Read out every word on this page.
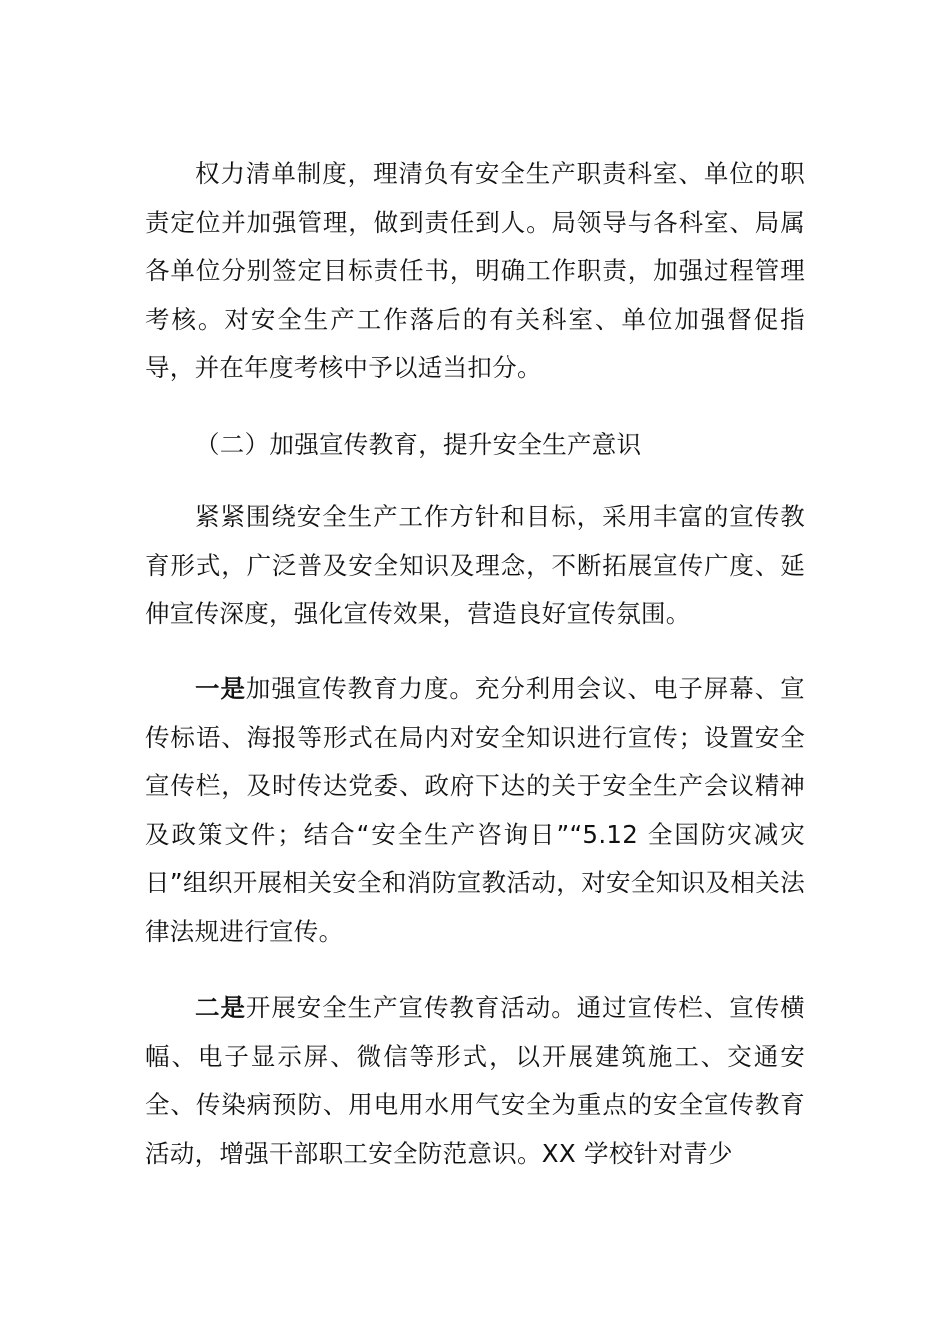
权力清单制度，理清负有安全生产职责科室、单位的职责定位并加强管理，做到责任到人。局领导与各科室、局属各单位分别签定目标责任书，明确工作职责，加强过程管理考核。对安全生产工作落后的有关科室、单位加强督促指导，并在年度考核中予以适当扣分。

（二）加强宣传教育，提升安全生产意识

紧紧围绕安全生产工作方针和目标，采用丰富的宣传教育形式，广泛普及安全知识及理念，不断拓展宣传广度、延伸宣传深度，强化宣传效果，营造良好宣传氛围。

一是加强宣传教育力度。充分利用会议、电子屏幕、宣传标语、海报等形式在局内对安全知识进行宣传；设置安全宣传栏，及时传达党委、政府下达的关于安全生产会议精神及政策文件；结合“安全生产咨询日”“5.12 全国防灾减灾日”组织开展相关安全和消防宣教活动，对安全知识及相关法律法规进行宣传。

二是开展安全生产宣传教育活动。通过宣传栏、宣传横幅、电子显示屏、微信等形式，以开展建筑施工、交通安全、传染病预防、用电用水用气安全为重点的安全宣传教育活动，增强干部职工安全防范意识。XX 学校针对青少
